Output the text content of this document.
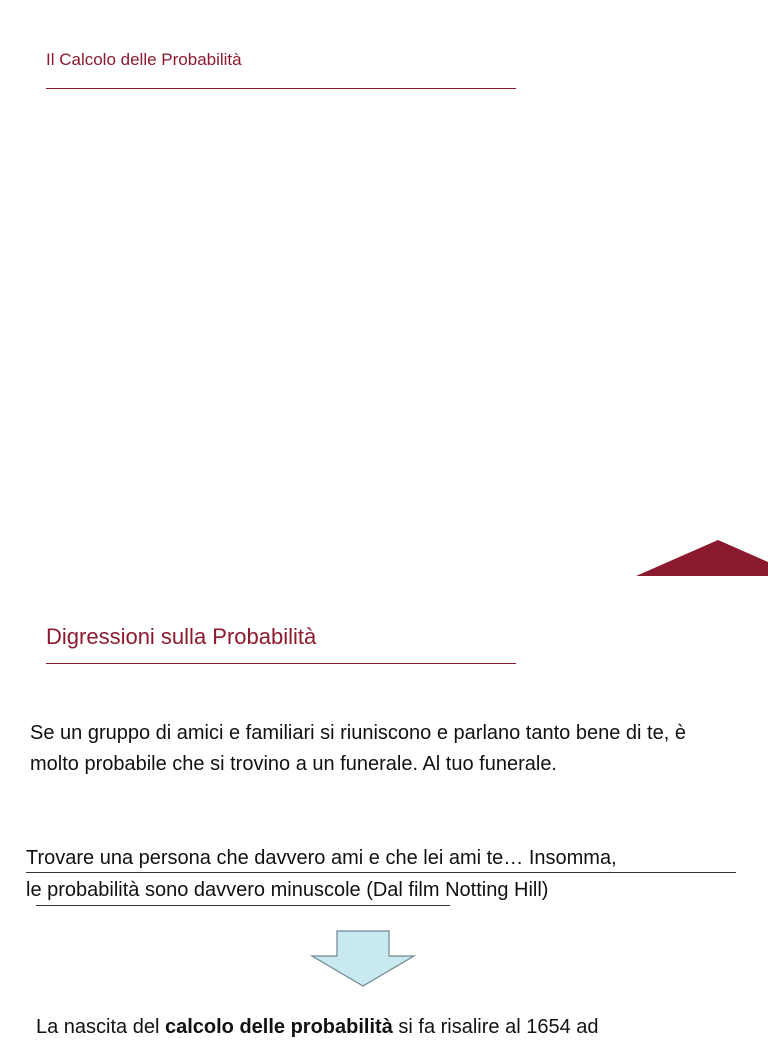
Il Calcolo delle Probabilità
Digressioni sulla Probabilità
Se un gruppo di amici e familiari si riuniscono e parlano tanto bene di te, è molto probabile che si trovino a un funerale. Al tuo funerale.
Trovare una persona che davvero ami e che lei ami te… Insomma,
le probabilità sono davvero minuscole (Dal film Notting Hill)
La nascita del calcolo delle probabilità si fa risalire al 1654 ad
